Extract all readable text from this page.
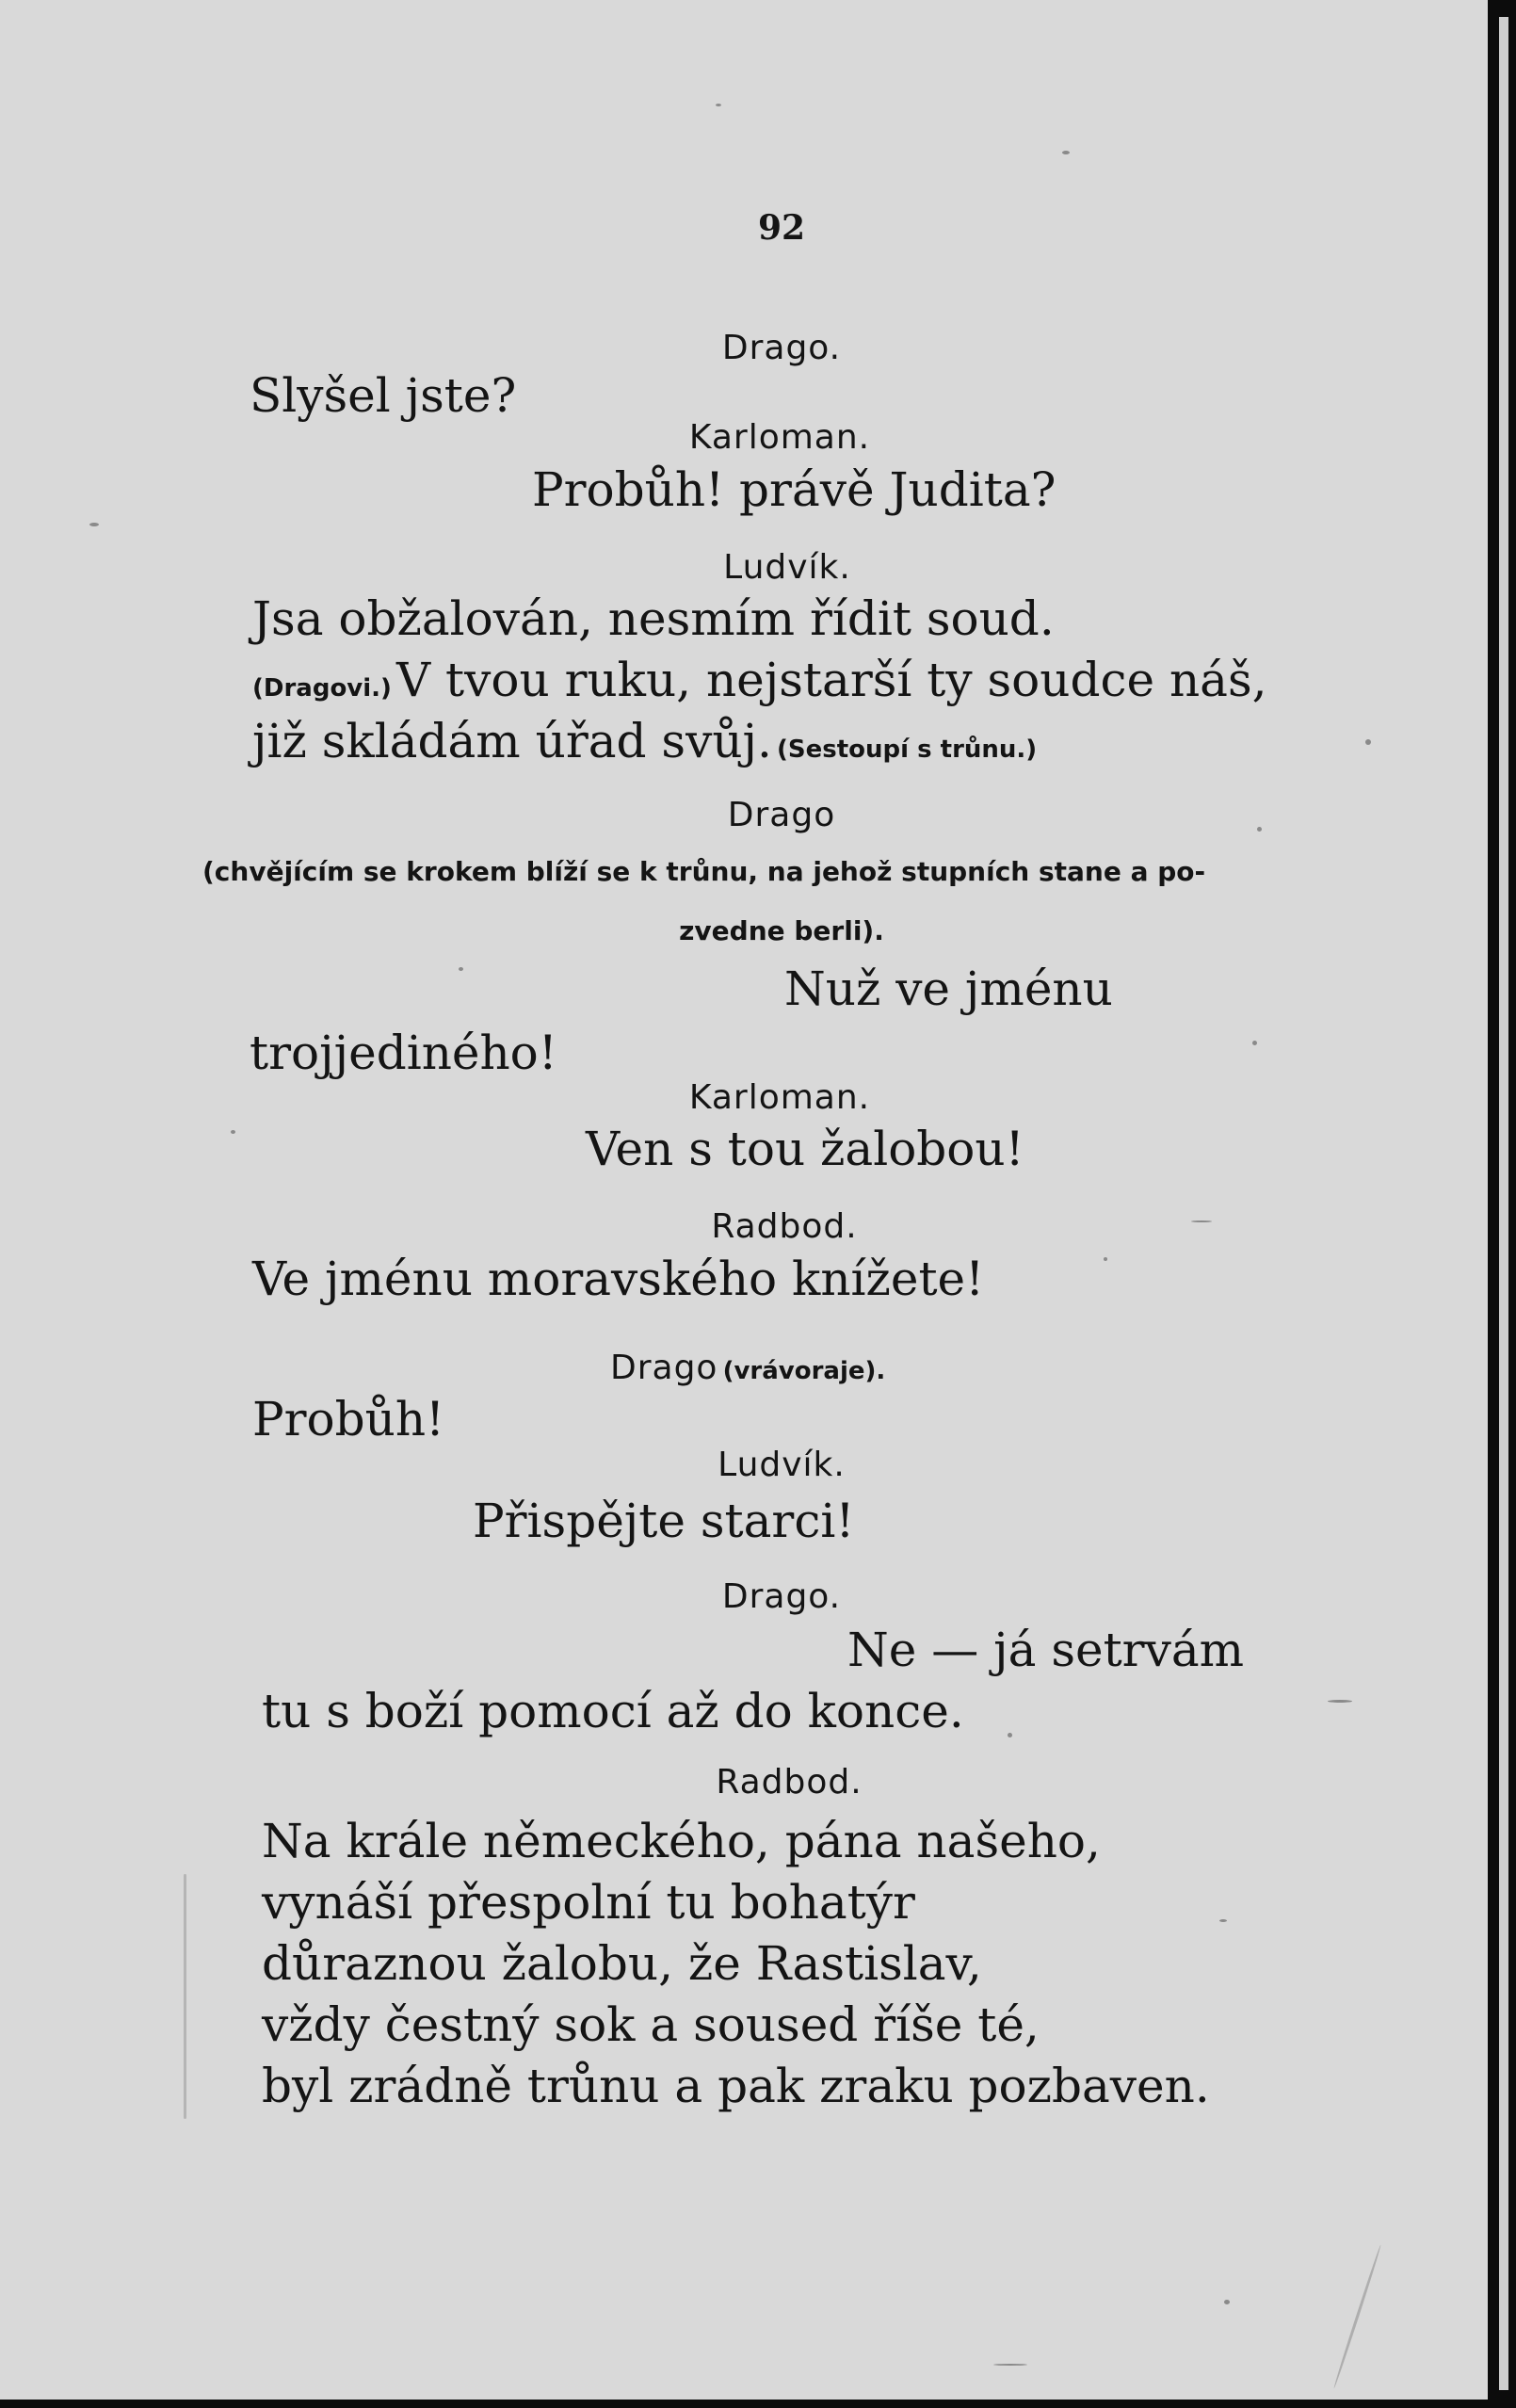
92
Drago.
Slyšel jste?
Karloman.
Probůh! právě Judita?
Ludvík.
Jsa obžalován, nesmím řídit soud.
(Dragovi.) V tvou ruku, nejstarší ty soudce náš,
již skládám úřad svůj. (Sestoupí s trůnu.)
Drago
(chvějícím se krokem blíží se k trůnu, na jehož stupních stane a po-
zvedne berli).
Nuž ve jménu
trojjediného!
Karloman.
Ven s tou žalobou!
Radbod.
Ve jménu moravského knížete!
Drago (vrávoraje).
Probůh!
Ludvík.
Přispějte starci!
Drago.
Ne — já setrvám
tu s boží pomocí až do konce.
Radbod.
Na krále německého, pána našeho,
vynáší přespolní tu bohatýr
důraznou žalobu, že Rastislav,
vždy čestný sok a soused říše té,
byl zrádně trůnu a pak zraku pozbaven.
